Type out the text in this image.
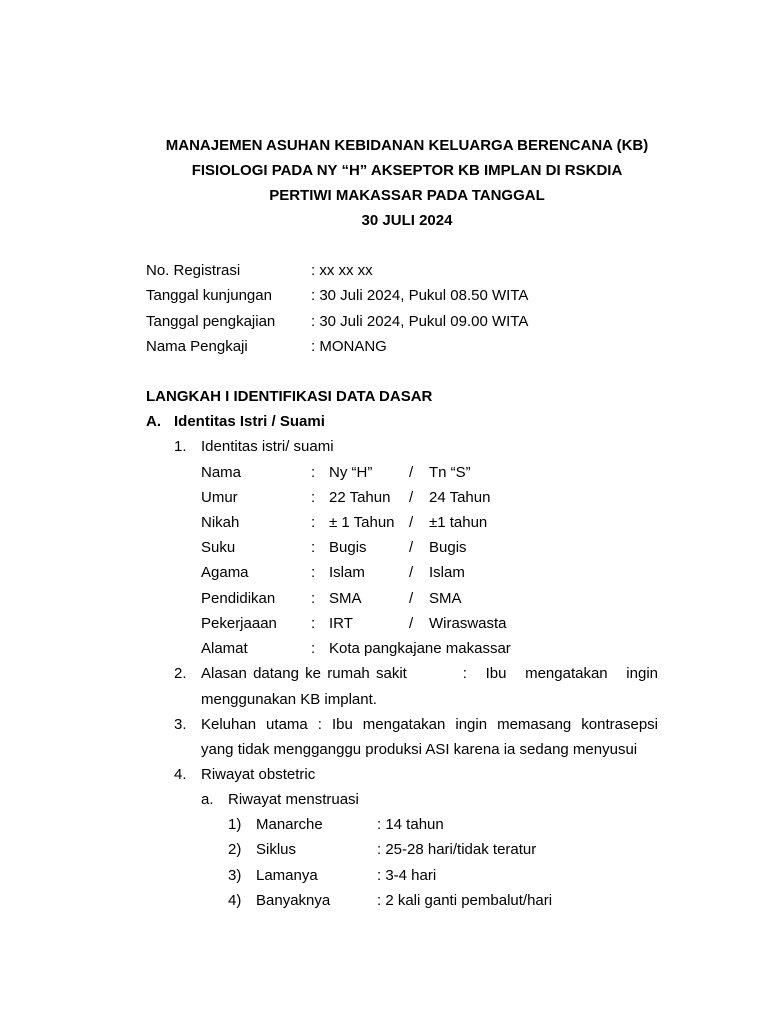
MANAJEMEN ASUHAN KEBIDANAN KELUARGA BERENCANA (KB)
FISIOLOGI PADA NY “H” AKSEPTOR KB IMPLAN DI RSKDIA
PERTIWI MAKASSAR PADA TANGGAL
30 JULI 2024
No. Registrasi	: xx xx xx
Tanggal kunjungan	: 30 Juli 2024, Pukul 08.50 WITA
Tanggal pengkajian : 30 Juli 2024, Pukul 09.00 WITA
Nama Pengkaji	: MONANG
LANGKAH I IDENTIFIKASI DATA DASAR
A. Identitas Istri / Suami
1. Identitas istri/ suami
Nama	: Ny “H” / Tn “S”
Umur	: 22 Tahun / 24 Tahun
Nikah	: ± 1 Tahun / ±1 tahun
Suku	: Bugis	/ Bugis
Agama	: Islam	/ Islam
Pendidikan : SMA	/ SMA
Pekerjaaan : IRT	/ Wiraswasta
Alamat	: Kota pangkajane makassar
2. Alasan datang ke rumah sakit         :   Ibu   mengatakan   ingin
menggunakan KB implant.
3. Keluhan utama : Ibu mengatakan ingin memasang kontrasepsi
yang tidak mengganggu produksi ASI karena ia sedang menyusui
4. Riwayat obstetric
a. Riwayat menstruasi
1) Manarche	: 14 tahun
2) Siklus	: 25-28 hari/tidak teratur
3) Lamanya	: 3-4 hari
4) Banyaknya	: 2 kali ganti pembalut/hari
